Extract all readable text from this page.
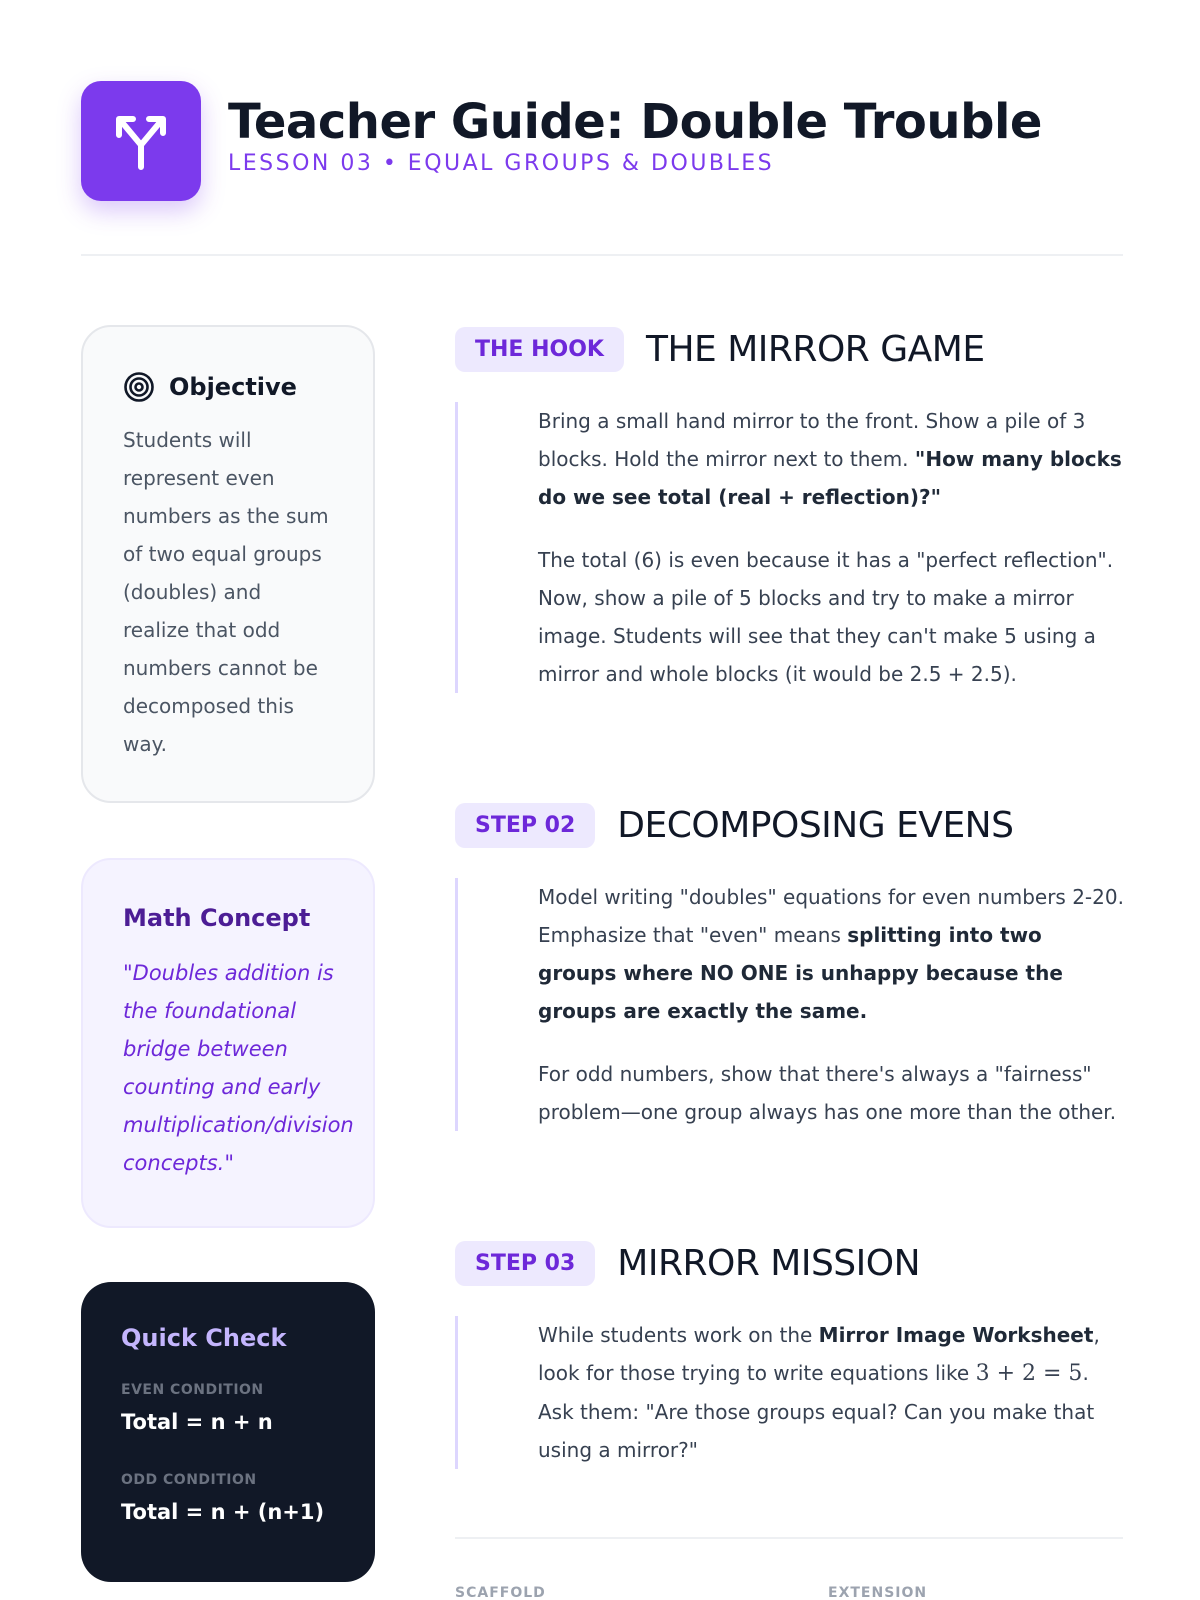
Teacher Guide: Double Trouble
LESSON 03 • EQUAL GROUPS & DOUBLES
Objective
Students will represent even numbers as the sum of two equal groups (doubles) and realize that odd numbers cannot be decomposed this way.
Math Concept
"Doubles addition is the foundational bridge between counting and early multiplication/division concepts."
Quick Check
EVEN CONDITION
Total = n + n
ODD CONDITION
Total = n + (n+1)
THE HOOK	THE MIRROR GAME

Bring a small hand mirror to the front. Show a pile of 3 blocks. Hold the mirror next to them. "How many blocks do we see total (real + reflection)?"

The total (6) is even because it has a "perfect reflection". Now, show a pile of 5 blocks and try to make a mirror image. Students will see that they can't make 5 using a mirror and whole blocks (it would be 2.5 + 2.5).

STEP 02	DECOMPOSING EVENS

Model writing "doubles" equations for even numbers 2-20. Emphasize that "even" means splitting into two groups where NO ONE is unhappy because the groups are exactly the same.

For odd numbers, show that there's always a "fairness" problem—one group always has one more than the other.

STEP 03	MIRROR MISSION

While students work on the Mirror Image Worksheet, look for those trying to write equations like 3 + 2 = 5. Ask them: "Are those groups equal? Can you make that using a mirror?"

SCAFFOLD	EXTENSION
